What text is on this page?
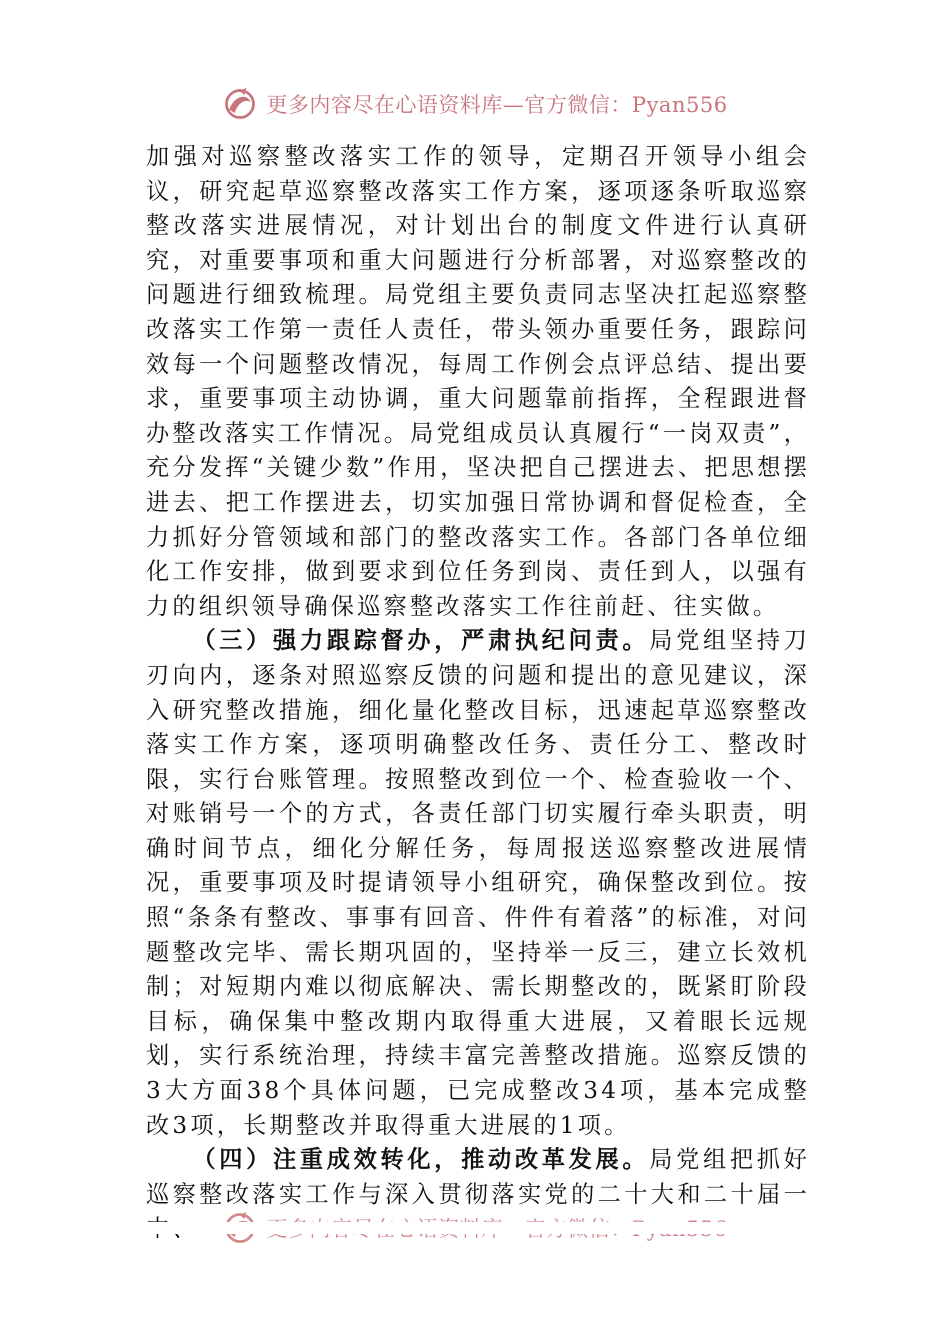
更多内容尽在心语资料库—官方微信：Pyan556

加强对巡察整改落实工作的领导，定期召开领导小组会议，研究起草巡察整改落实工作方案，逐项逐条听取巡察整改落实进展情况，对计划出台的制度文件进行认真研究，对重要事项和重大问题进行分析部署，对巡察整改的问题进行细致梳理。局党组主要负责同志坚决扛起巡察整改落实工作第一责任人责任，带头领办重要任务，跟踪问效每一个问题整改情况，每周工作例会点评总结、提出要求，重要事项主动协调，重大问题靠前指挥，全程跟进督办整改落实工作情况。局党组成员认真履行“一岗双责”，充分发挥“关键少数”作用，坚决把自己摆进去、把思想摆进去、把工作摆进去，切实加强日常协调和督促检查，全力抓好分管领域和部门的整改落实工作。各部门各单位细化工作安排，做到要求到位任务到岗、责任到人，以强有力的组织领导确保巡察整改落实工作往前赶、往实做。

（三）强力跟踪督办，严肃执纪问责。局党组坚持刀刃向内，逐条对照巡察反馈的问题和提出的意见建议，深入研究整改措施，细化量化整改目标，迅速起草巡察整改落实工作方案，逐项明确整改任务、责任分工、整改时限，实行台账管理。按照整改到位一个、检查验收一个、对账销号一个的方式，各责任部门切实履行牵头职责，明确时间节点，细化分解任务，每周报送巡察整改进展情况，重要事项及时提请领导小组研究，确保整改到位。按照“条条有整改、事事有回音、件件有着落”的标准，对问题整改完毕、需长期巩固的，坚持举一反三，建立长效机制；对短期内难以彻底解决、需长期整改的，既紧盯阶段目标，确保集中整改期内取得重大进展，又着眼长远规划，实行系统治理，持续丰富完善整改措施。巡察反馈的3大方面38个具体问题，已完成整改34项，基本完成整改3项，长期整改并取得重大进展的1项。

（四）注重成效转化，推动改革发展。局党组把抓好巡察整改落实工作与深入贯彻落实党的二十大和二十届一
